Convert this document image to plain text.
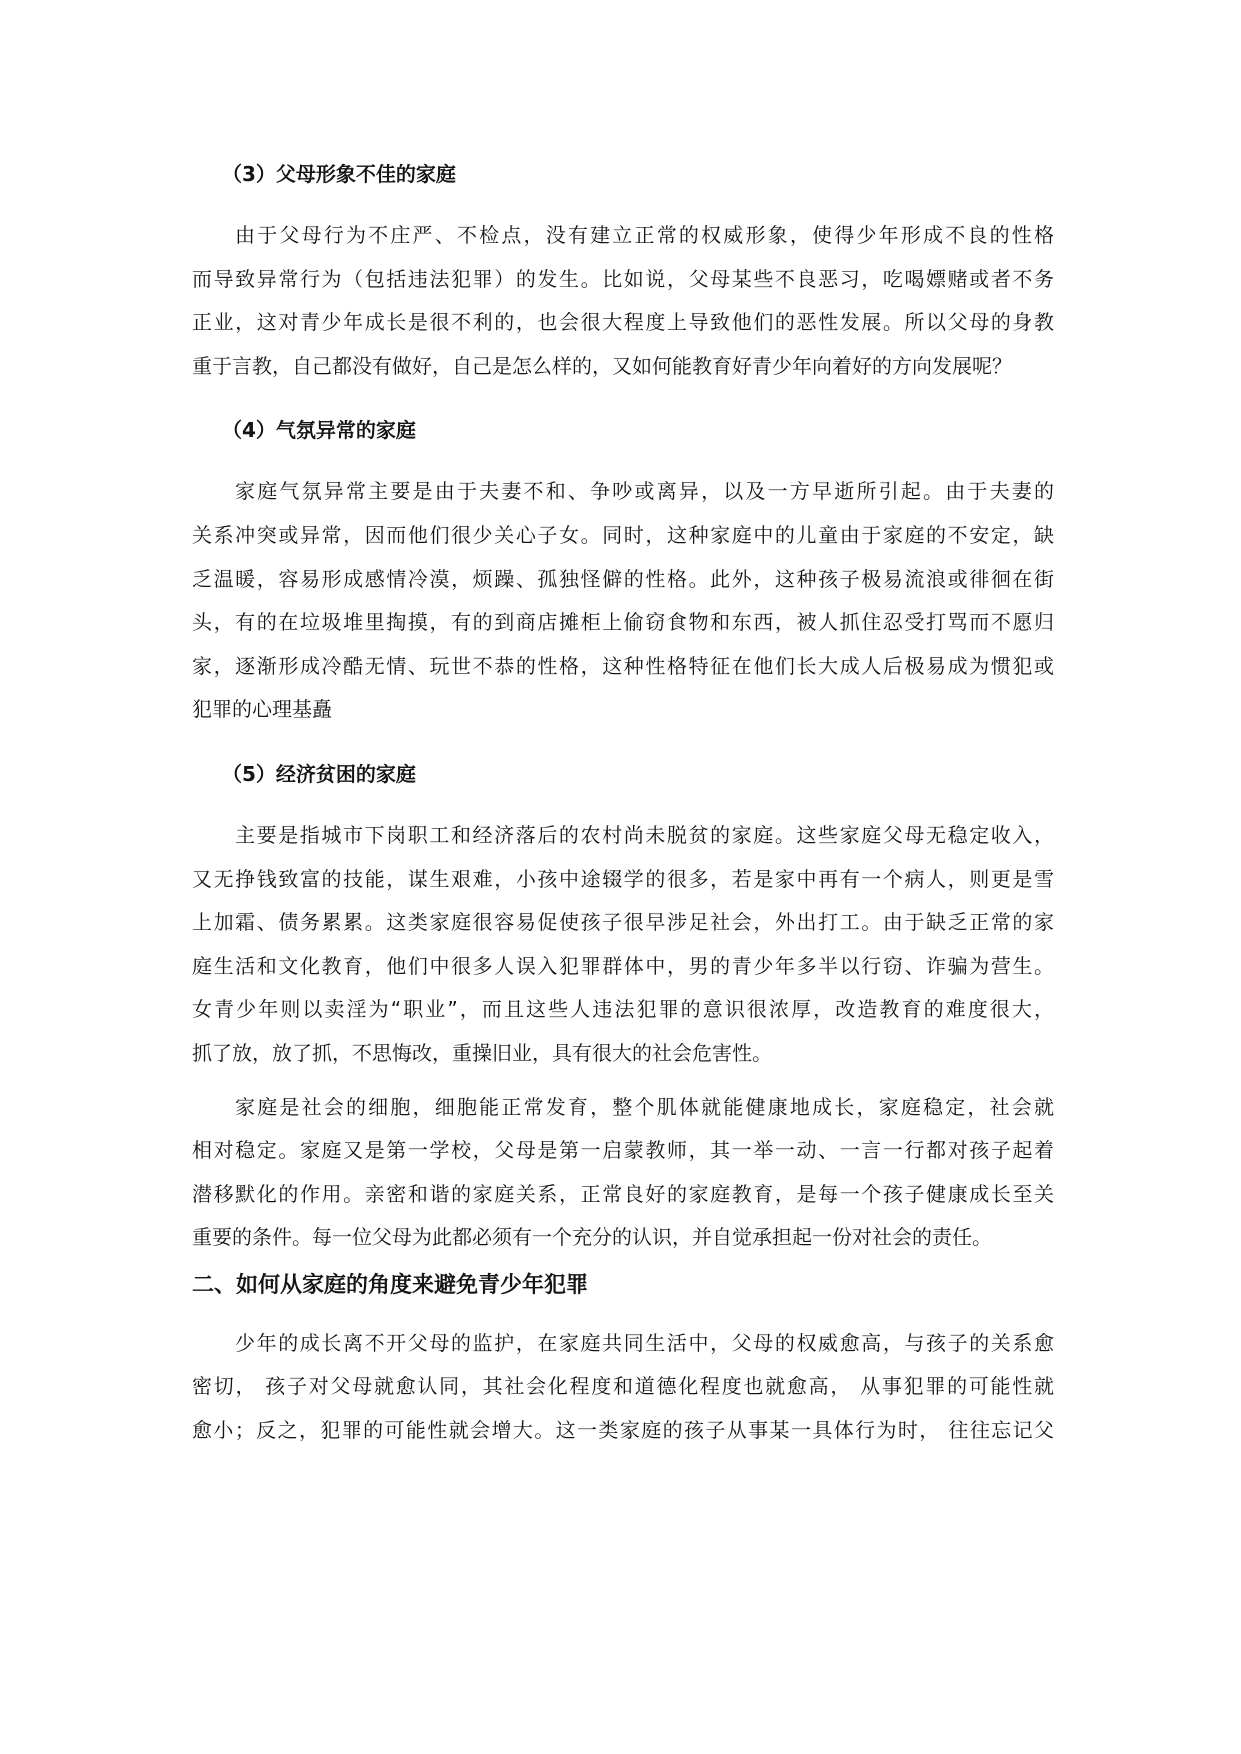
（3）父母形象不佳的家庭

由于父母行为不庄严、不检点，没有建立正常的权威形象，使得少年形成不良的性格
而导致异常行为（包括违法犯罪）的发生。比如说，父母某些不良恶习，吃喝嫖赌或者不务
正业，这对青少年成长是很不利的，也会很大程度上导致他们的恶性发展。所以父母的身教
重于言教，自己都没有做好，自己是怎么样的，又如何能教育好青少年向着好的方向发展呢？

（4）气氛异常的家庭

家庭气氛异常主要是由于夫妻不和、争吵或离异，以及一方早逝所引起。由于夫妻的
关系冲突或异常，因而他们很少关心子女。同时，这种家庭中的儿童由于家庭的不安定，缺
乏温暖，容易形成感情冷漠，烦躁、孤独怪僻的性格。此外，这种孩子极易流浪或徘徊在街
头，有的在垃圾堆里掏摸，有的到商店摊柜上偷窃食物和东西，被人抓住忍受打骂而不愿归
家，逐渐形成冷酷无情、玩世不恭的性格，这种性格特征在他们长大成人后极易成为惯犯或
犯罪的心理基矗

（5）经济贫困的家庭

主要是指城市下岗职工和经济落后的农村尚未脱贫的家庭。这些家庭父母无稳定收入，
又无挣钱致富的技能，谋生艰难，小孩中途辍学的很多，若是家中再有一个病人，则更是雪
上加霜、债务累累。这类家庭很容易促使孩子很早涉足社会，外出打工。由于缺乏正常的家
庭生活和文化教育，他们中很多人误入犯罪群体中，男的青少年多半以行窃、诈骗为营生。
女青少年则以卖淫为“职业”，而且这些人违法犯罪的意识很浓厚，改造教育的难度很大，
抓了放，放了抓，不思悔改，重操旧业，具有很大的社会危害性。

家庭是社会的细胞，细胞能正常发育，整个肌体就能健康地成长，家庭稳定，社会就
相对稳定。家庭又是第一学校，父母是第一启蒙教师，其一举一动、一言一行都对孩子起着
潜移默化的作用。亲密和谐的家庭关系，正常良好的家庭教育，是每一个孩子健康成长至关
重要的条件。每一位父母为此都必须有一个充分的认识，并自觉承担起一份对社会的责任。

二、如何从家庭的角度来避免青少年犯罪

少年的成长离不开父母的监护，在家庭共同生活中，父母的权威愈高，与孩子的关系愈
密切， 孩子对父母就愈认同，其社会化程度和道德化程度也就愈高， 从事犯罪的可能性就
愈小；反之，犯罪的可能性就会增大。这一类家庭的孩子从事某一具体行为时， 往往忘记父
